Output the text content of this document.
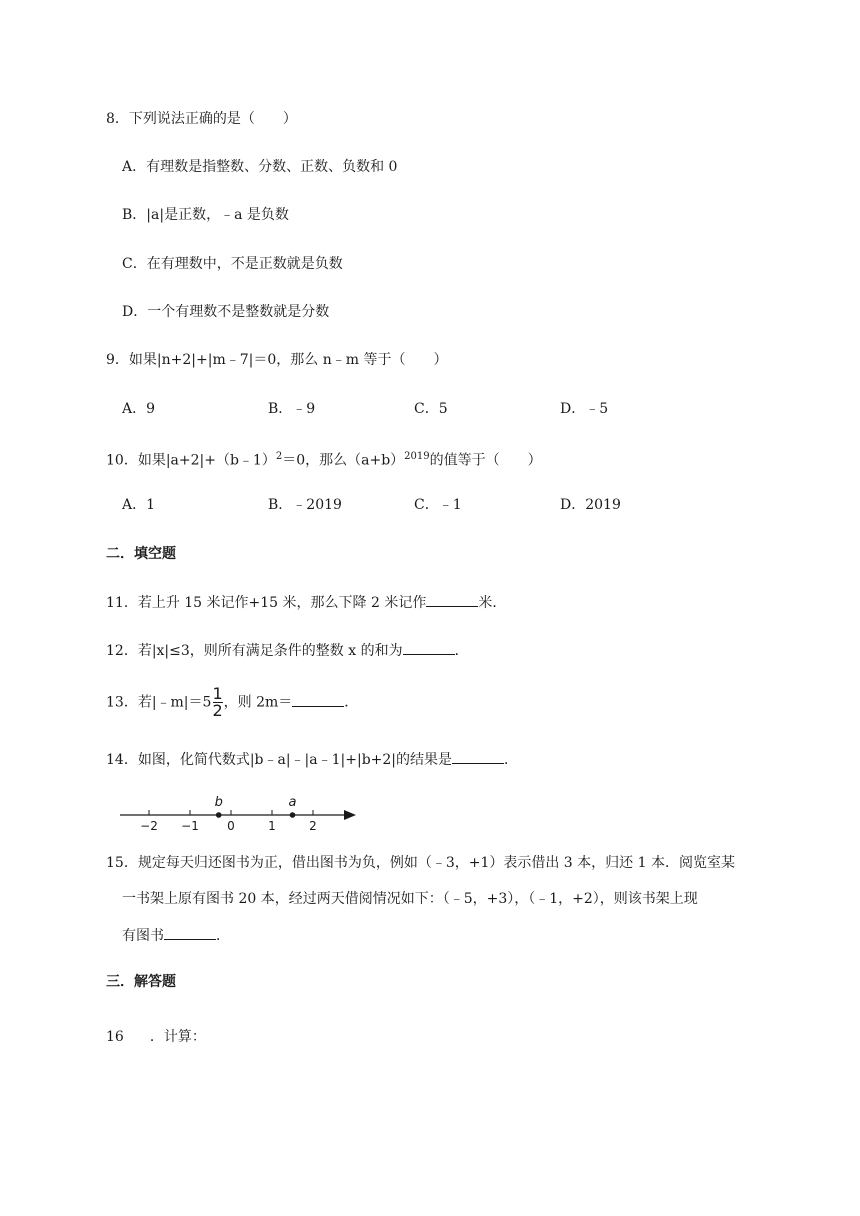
8．下列说法正确的是（　　）
A．有理数是指整数、分数、正数、负数和 0
B．|a|是正数，﹣a 是负数
C．在有理数中，不是正数就是负数
D．一个有理数不是整数就是分数
9．如果|n+2|+|m﹣7|＝0，那么 n﹣m 等于（　　）
A．9	B．﹣9	C．5	D．﹣5
10．如果|a+2|+（b﹣1）$^2$＝0，那么$(a+b)^{2019}$的值等于（　　）
A．1	B．﹣2019	C．﹣1	D．2019
二．填空题
11．若上升 15 米记作+15 米，那么下降 2 米记作	米．
12．若|x|≤3，则所有满足条件的整数 x 的和为	．
13．若|﹣m|＝5 $\frac{1}{2}$ ，则 2m＝	．
14．如图，化简代数式|b﹣a|﹣|a﹣1|+|b+2|的结果是	．
−2 −1 0	1	2
b	a
15．规定每天归还图书为正，借出图书为负，例如（﹣3，+1）表示借出 3 本，归还 1 本．阅览室某
一书架上原有图书 20 本，经过两天借阅情况如下：（﹣5，+3），（﹣1，+2），则该书架上现
有图书	．
三．解答题
16 ．计算：
